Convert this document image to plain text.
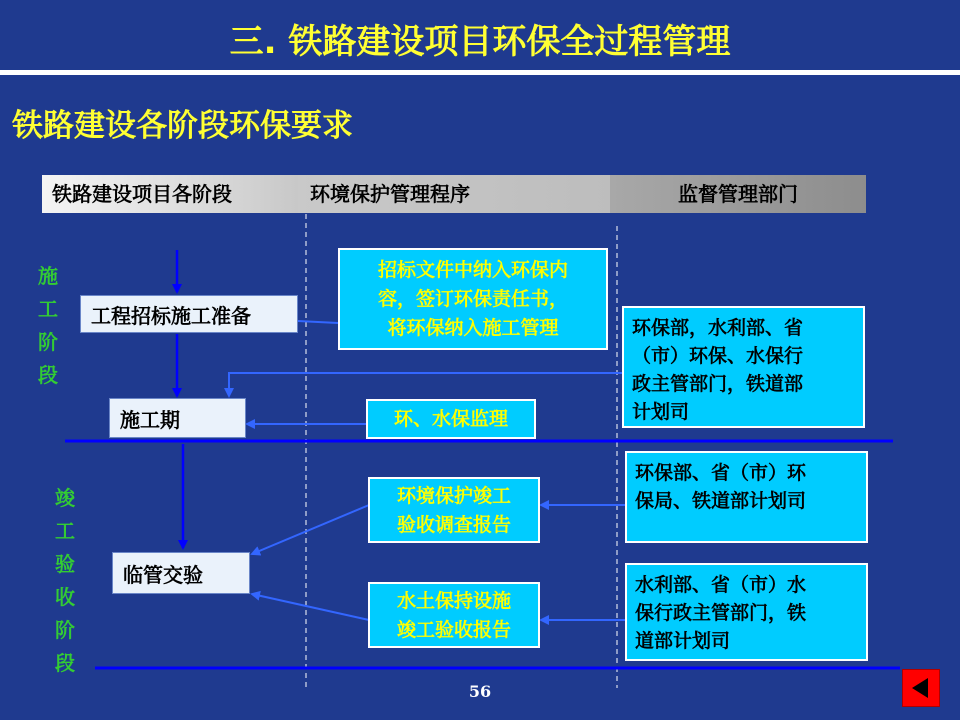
三. 铁路建设项目环保全过程管理
铁路建设各阶段环保要求
铁路建设项目各阶段	环境保护管理程序	监督管理部门
施
工
阶
段
竣
工
验
收
阶
段
工程招标施工准备
施工期
临管交验
招标文件中纳入环保内
容，签订环保责任书，
将环保纳入施工管理
环、水保监理
环境保护竣工
验收调查报告
水土保持设施
竣工验收报告
环保部，水利部、省
（市）环保、水保行
政主管部门，铁道部
计划司
环保部、省（市）环
保局、铁道部计划司
水利部、省（市）水
保行政主管部门，铁
道部计划司
56
